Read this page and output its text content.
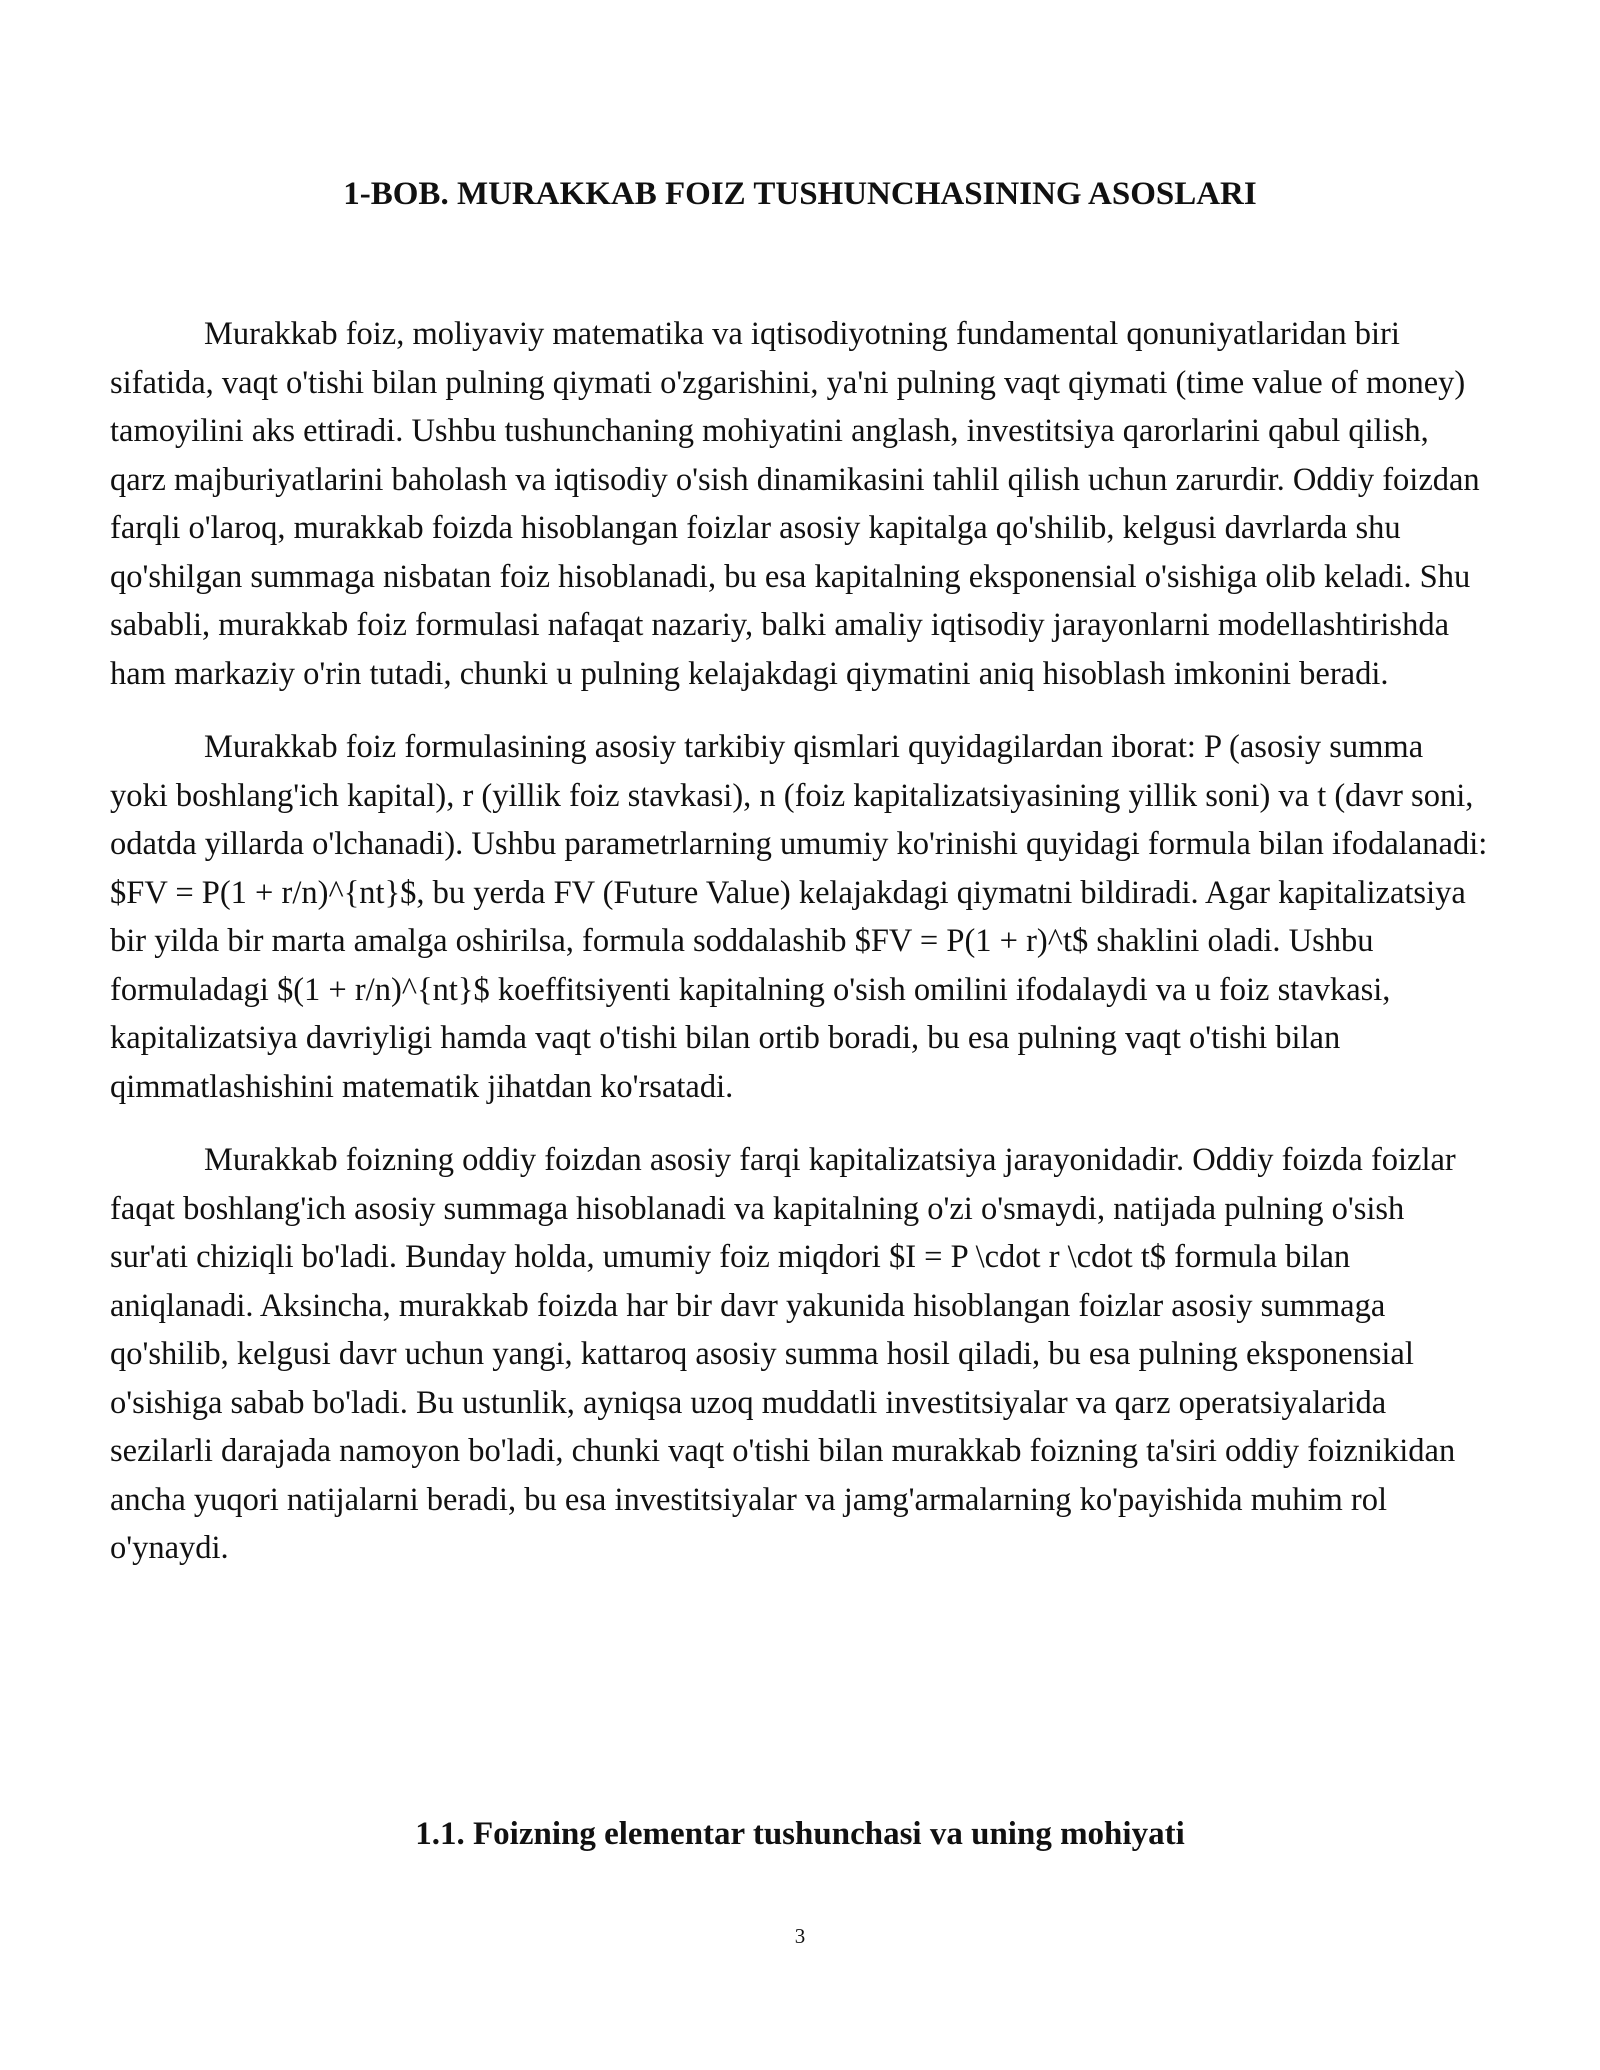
1-BOB. MURAKKAB FOIZ TUSHUNCHASINING ASOSLARI

Murakkab foiz, moliyaviy matematika va iqtisodiyotning fundamental qonuniyatlaridan biri sifatida, vaqt o'tishi bilan pulning qiymati o'zgarishini, ya'ni pulning vaqt qiymati (time value of money) tamoyilini aks ettiradi. Ushbu tushunchaning mohiyatini anglash, investitsiya qarorlarini qabul qilish, qarz majburiyatlarini baholash va iqtisodiy o'sish dinamikasini tahlil qilish uchun zarurdir. Oddiy foizdan farqli o'laroq, murakkab foizda hisoblangan foizlar asosiy kapitalga qo'shilib, kelgusi davrlarda shu qo'shilgan summaga nisbatan foiz hisoblanadi, bu esa kapitalning eksponensial o'sishiga olib keladi. Shu sababli, murakkab foiz formulasi nafaqat nazariy, balki amaliy iqtisodiy jarayonlarni modellashtirishda ham markaziy o'rin tutadi, chunki u pulning kelajakdagi qiymatini aniq hisoblash imkonini beradi.

Murakkab foiz formulasining asosiy tarkibiy qismlari quyidagilardan iborat: P (asosiy summa yoki boshlang'ich kapital), r (yillik foiz stavkasi), n (foiz kapitalizatsiyasining yillik soni) va t (davr soni, odatda yillarda o'lchanadi). Ushbu parametrlarning umumiy ko'rinishi quyidagi formula bilan ifodalanadi: $FV = P(1 + r/n)^{nt}$, bu yerda FV (Future Value) kelajakdagi qiymatni bildiradi. Agar kapitalizatsiya bir yilda bir marta amalga oshirilsa, formula soddalashib $FV = P(1 + r)^t$ shaklini oladi. Ushbu formuladagi $(1 + r/n)^{nt}$ koeffitsiyenti kapitalning o'sish omilini ifodalaydi va u foiz stavkasi, kapitalizatsiya davriyligi hamda vaqt o'tishi bilan ortib boradi, bu esa pulning vaqt o'tishi bilan qimmatlashishini matematik jihatdan ko'rsatadi.

Murakkab foizning oddiy foizdan asosiy farqi kapitalizatsiya jarayonidadir. Oddiy foizda foizlar faqat boshlang'ich asosiy summaga hisoblanadi va kapitalning o'zi o'smaydi, natijada pulning o'sish sur'ati chiziqli bo'ladi. Bunday holda, umumiy foiz miqdori $I = P \cdot r \cdot t$ formula bilan aniqlanadi. Aksincha, murakkab foizda har bir davr yakunida hisoblangan foizlar asosiy summaga qo'shilib, kelgusi davr uchun yangi, kattaroq asosiy summa hosil qiladi, bu esa pulning eksponensial o'sishiga sabab bo'ladi. Bu ustunlik, ayniqsa uzoq muddatli investitsiyalar va qarz operatsiyalarida sezilarli darajada namoyon bo'ladi, chunki vaqt o'tishi bilan murakkab foizning ta'siri oddiy foiznikidan ancha yuqori natijalarni beradi, bu esa investitsiyalar va jamg'armalarning ko'payishida muhim rol o'ynaydi.

1.1. Foizning elementar tushunchasi va uning mohiyati
3
